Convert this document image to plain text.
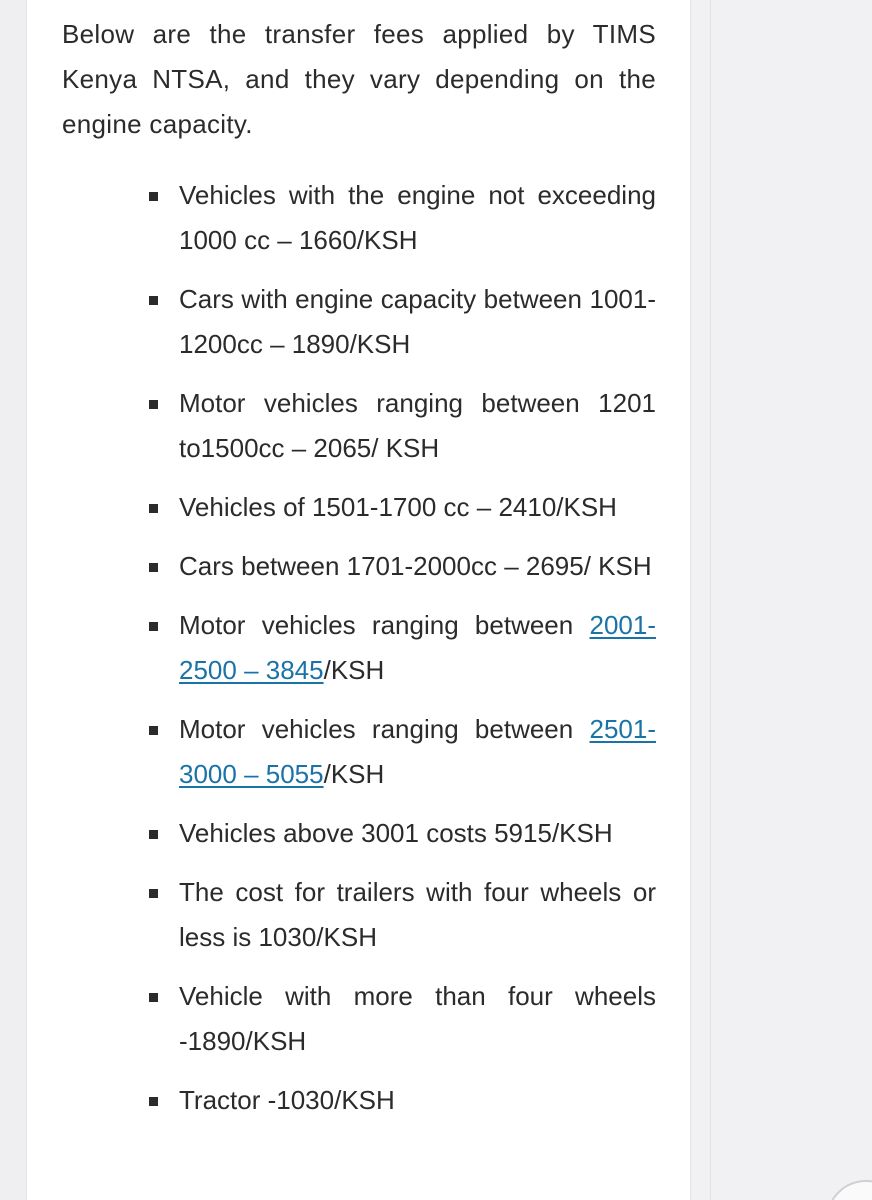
Below are the transfer fees applied by TIMS Kenya NTSA, and they vary depending on the engine capacity.

Vehicles with the engine not exceeding 1000 cc – 1660/KSH
Cars with engine capacity between 1001- 1200cc – 1890/KSH
Motor vehicles ranging between 1201 to1500cc – 2065/ KSH
Vehicles of 1501-1700 cc – 2410/KSH
Cars between 1701-2000cc – 2695/ KSH
Motor vehicles ranging between 2001-2500 – 3845/KSH
Motor vehicles ranging between 2501-3000 – 5055/KSH
Vehicles above 3001 costs 5915/KSH
The cost for trailers with four wheels or less is 1030/KSH
Vehicle with more than four wheels -1890/KSH
Tractor -1030/KSH
